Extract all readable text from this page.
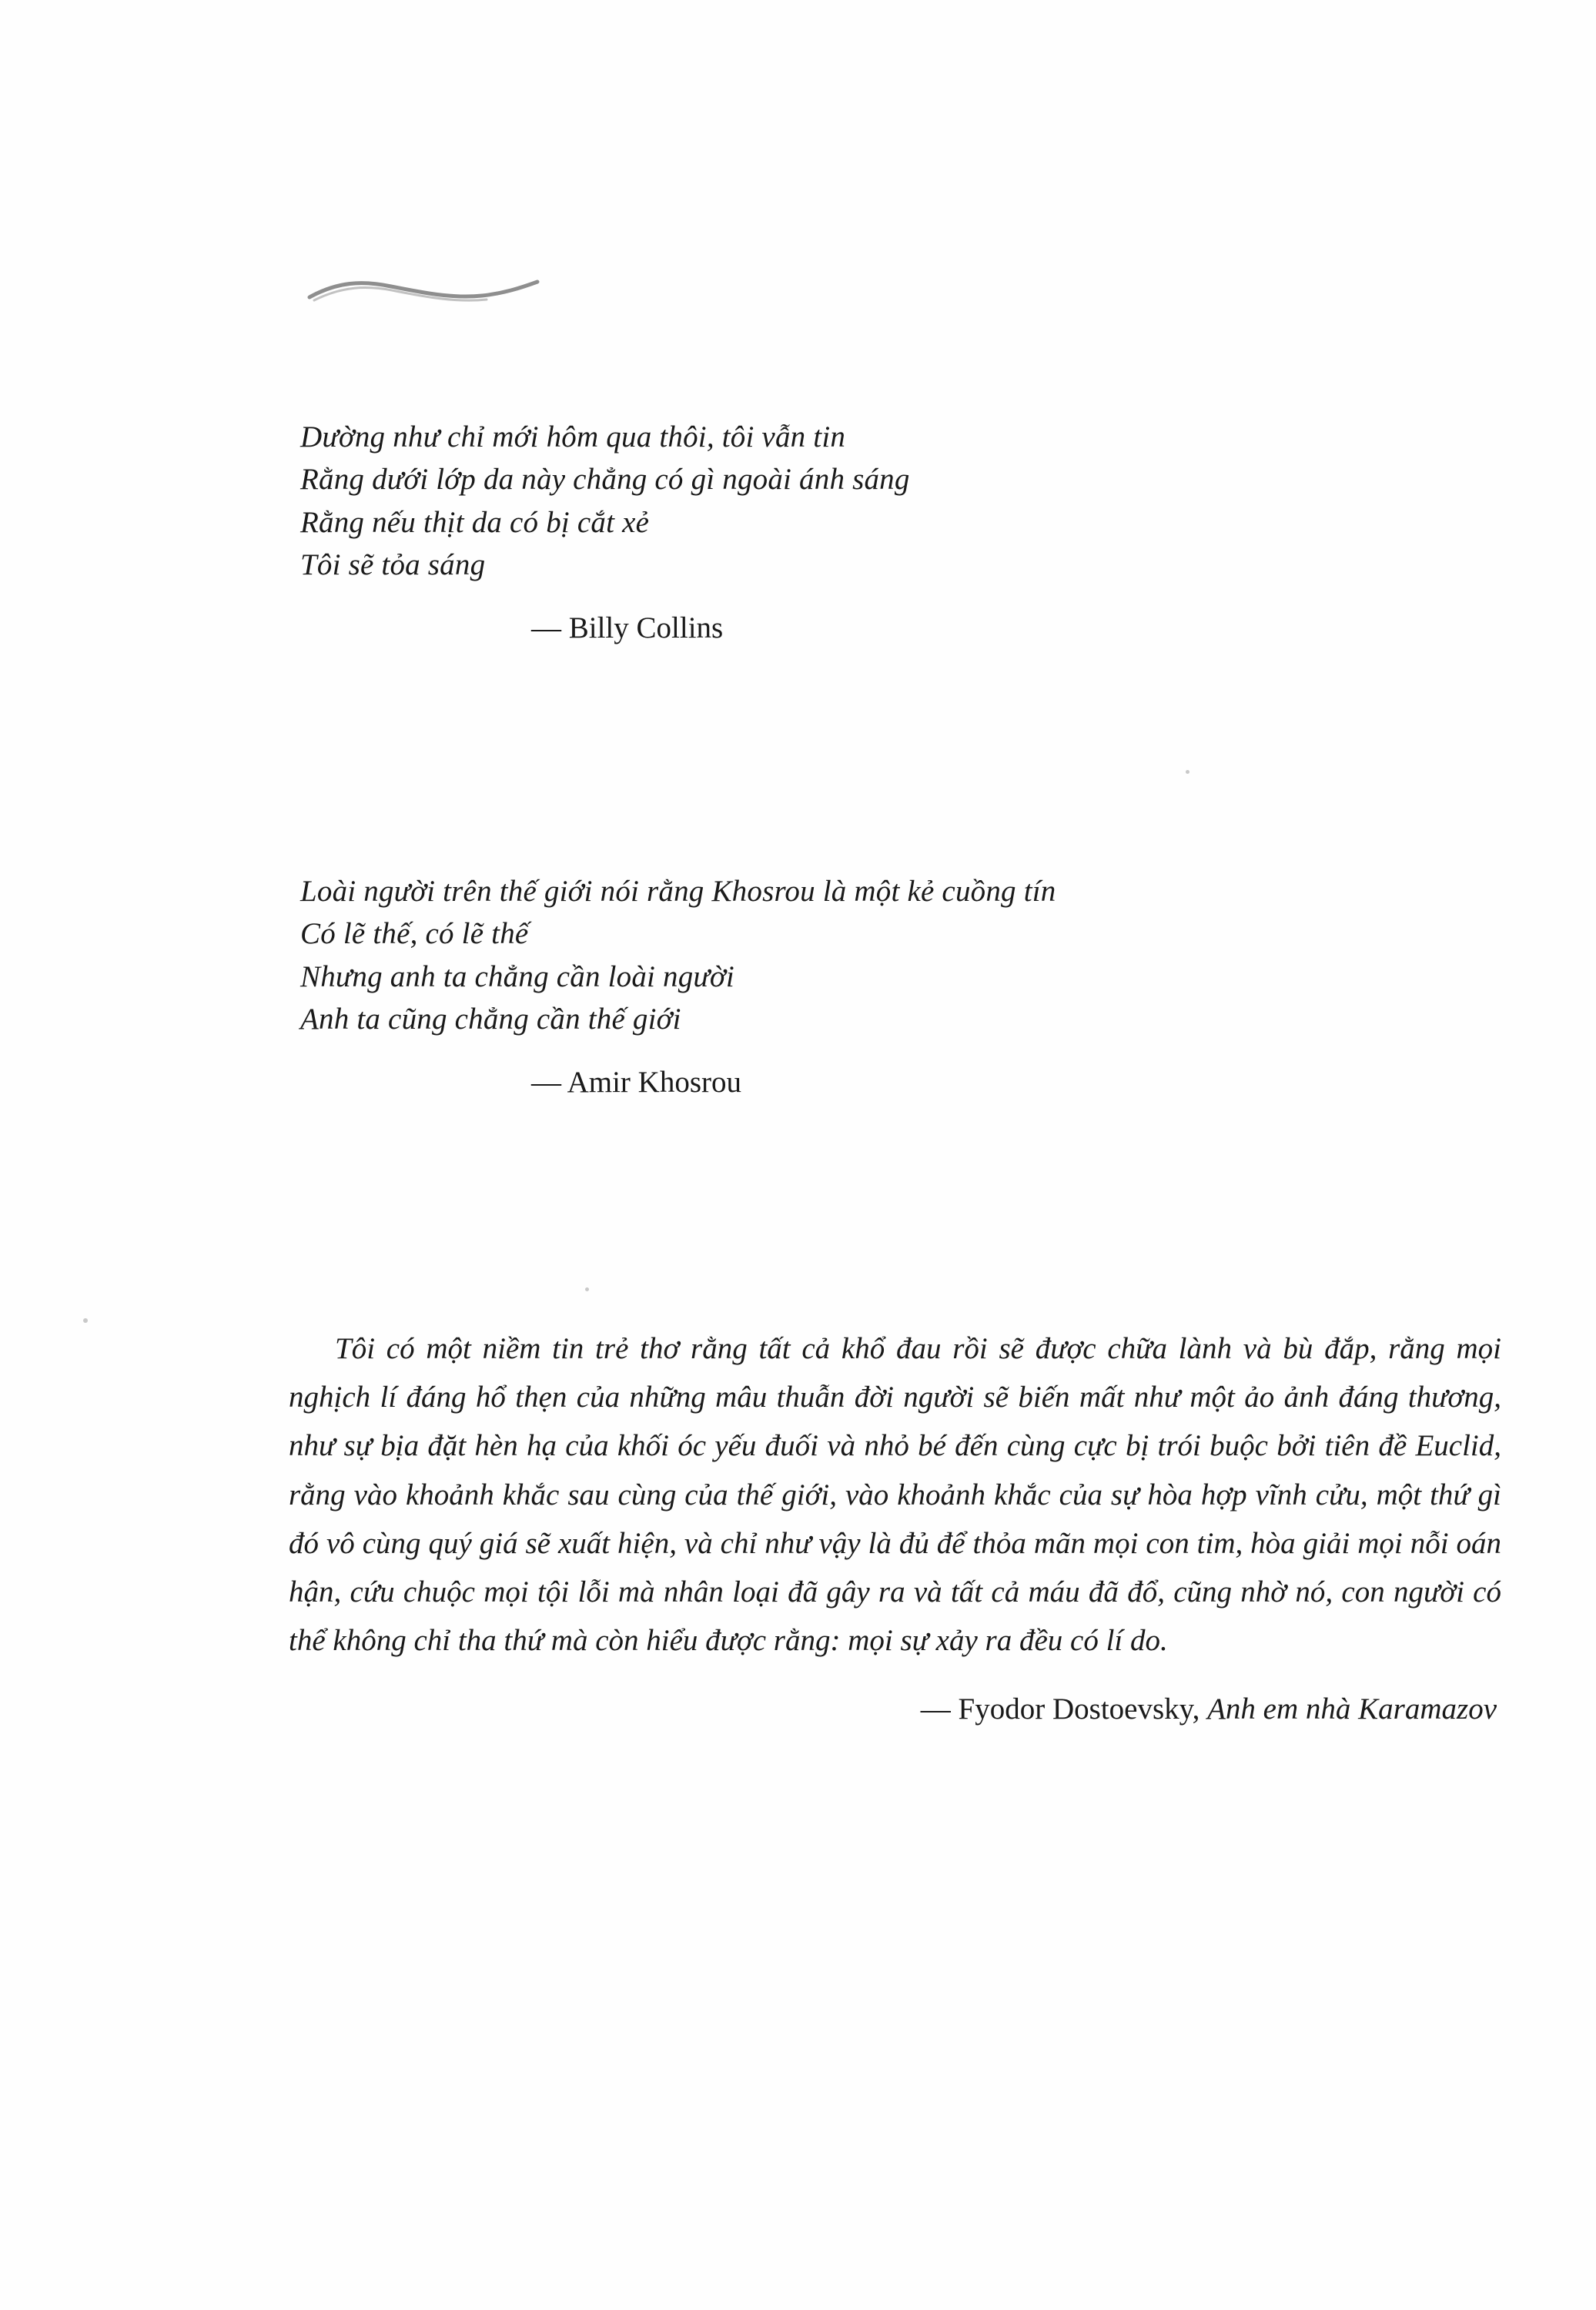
Dường như chỉ mới hôm qua thôi, tôi vẫn tin
Rằng dưới lớp da này chẳng có gì ngoài ánh sáng
Rằng nếu thịt da có bị cắt xẻ
Tôi sẽ tỏa sáng
— Billy Collins
Loài người trên thế giới nói rằng Khosrou là một kẻ cuồng tín
Có lẽ thế, có lẽ thế
Nhưng anh ta chẳng cần loài người
Anh ta cũng chẳng cần thế giới
— Amir Khosrou

Tôi có một niềm tin trẻ thơ rằng tất cả khổ đau rồi sẽ được chữa lành và bù đắp, rằng mọi nghịch lí đáng hổ thẹn của những mâu thuẫn đời người sẽ biến mất như một ảo ảnh đáng thương, như sự bịa đặt hèn hạ của khối óc yếu đuối và nhỏ bé đến cùng cực bị trói buộc bởi tiên đề Euclid, rằng vào khoảnh khắc sau cùng của thế giới, vào khoảnh khắc của sự hòa hợp vĩnh cửu, một thứ gì đó vô cùng quý giá sẽ xuất hiện, và chỉ như vậy là đủ để thỏa mãn mọi con tim, hòa giải mọi nỗi oán hận, cứu chuộc mọi tội lỗi mà nhân loại đã gây ra và tất cả máu đã đổ, cũng nhờ nó, con người có thể không chỉ tha thứ mà còn hiểu được rằng: mọi sự xảy ra đều có lí do.

— Fyodor Dostoevsky, Anh em nhà Karamazov
